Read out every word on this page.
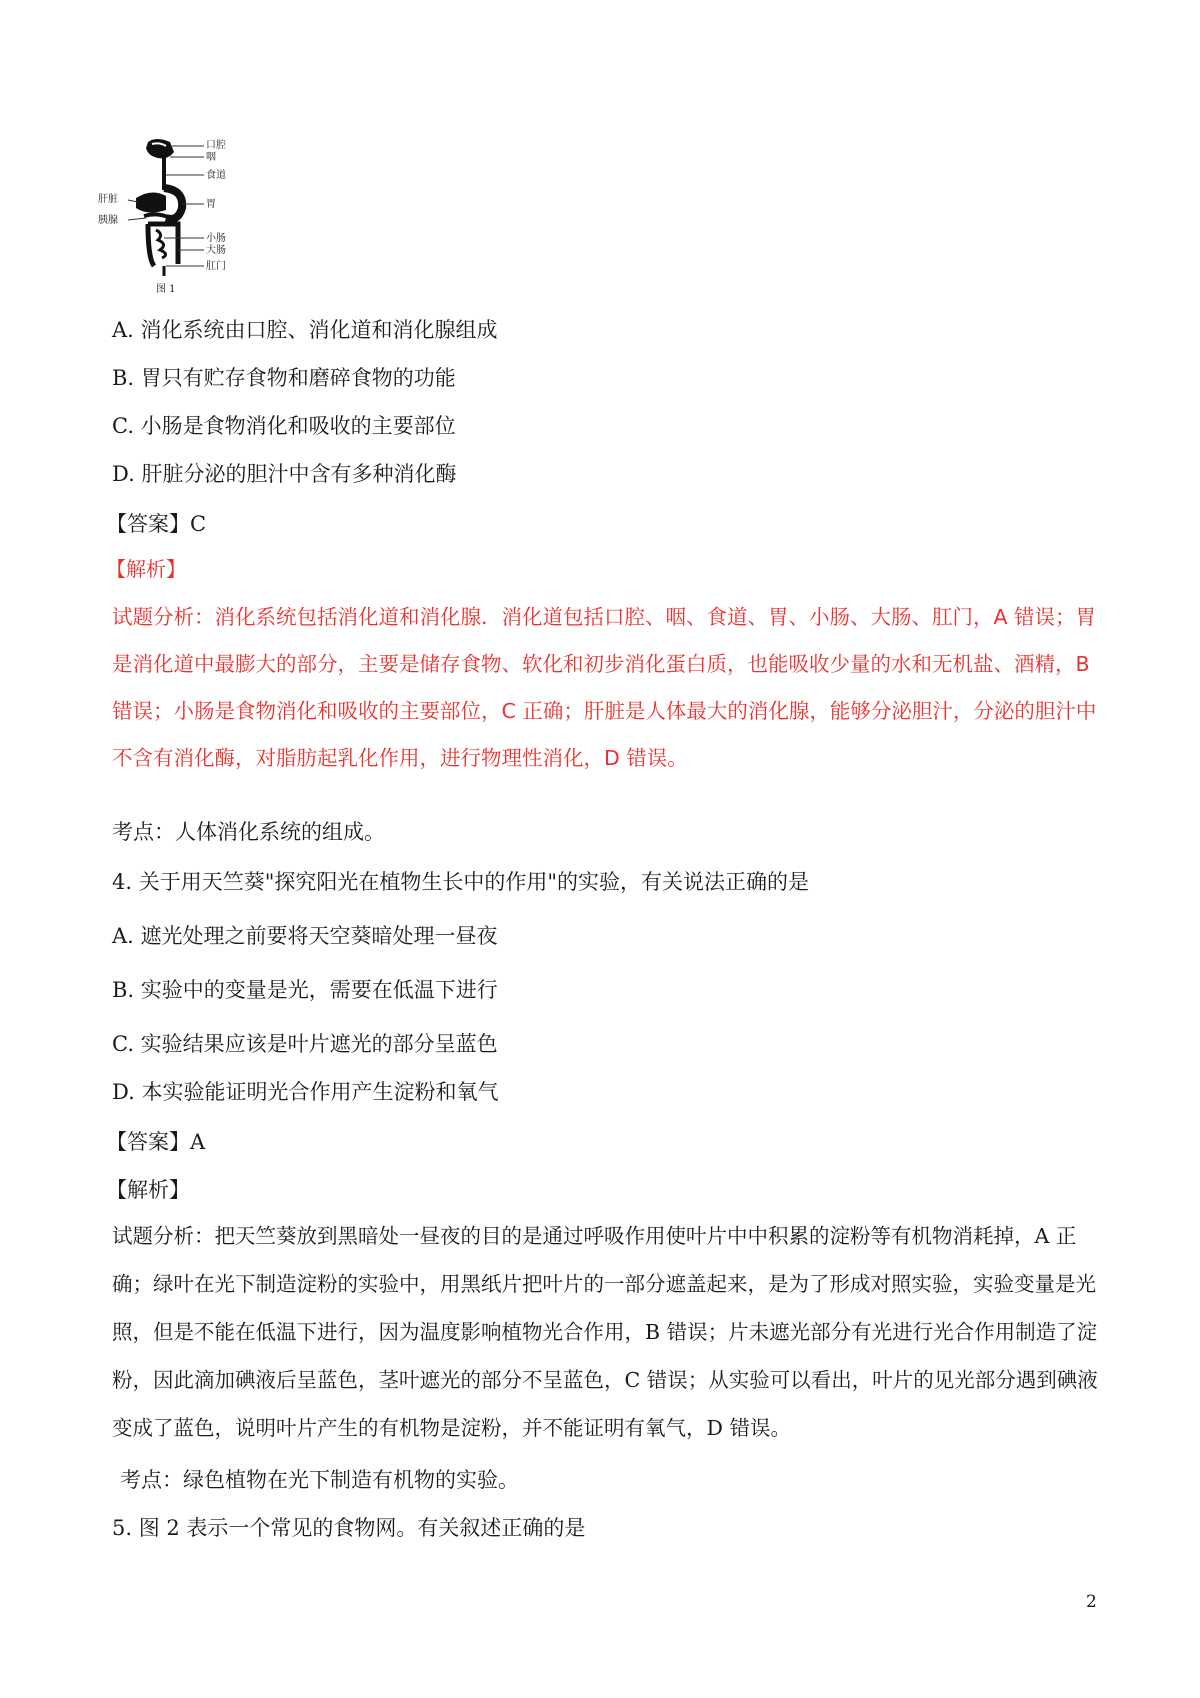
口腔
咽
食道
肝脏	胃
胰腺
小肠
大肠
肛门
图 1
A. 消化系统由口腔、消化道和消化腺组成
B. 胃只有贮存食物和磨碎食物的功能
C. 小肠是食物消化和吸收的主要部位
D. 肝脏分泌的胆汁中含有多种消化酶
【答案】C
【解析】
试题分析：消化系统包括消化道和消化腺．消化道包括口腔、咽、食道、胃、小肠、大肠、肛门，A 错误；胃是消化道中最膨大的部分，主要是储存食物、软化和初步消化蛋白质，也能吸收少量的水和无机盐、酒精，B 错误；小肠是食物消化和吸收的主要部位，C 正确；肝脏是人体最大的消化腺，能够分泌胆汁，分泌的胆汁中不含有消化酶，对脂肪起乳化作用，进行物理性消化，D 错误。
考点：人体消化系统的组成。
4. 关于用天竺葵"探究阳光在植物生长中的作用"的实验，有关说法正确的是
A. 遮光处理之前要将天空葵暗处理一昼夜
B. 实验中的变量是光，需要在低温下进行
C. 实验结果应该是叶片遮光的部分呈蓝色
D. 本实验能证明光合作用产生淀粉和氧气
【答案】A
【解析】
试题分析：把天竺葵放到黑暗处一昼夜的目的是通过呼吸作用使叶片中中积累的淀粉等有机物消耗掉，A 正确；绿叶在光下制造淀粉的实验中，用黑纸片把叶片的一部分遮盖起来，是为了形成对照实验，实验变量是光照，但是不能在低温下进行，因为温度影响植物光合作用，B 错误；片未遮光部分有光进行光合作用制造了淀粉，因此滴加碘液后呈蓝色，茎叶遮光的部分不呈蓝色，C 错误；从实验可以看出，叶片的见光部分遇到碘液变成了蓝色，说明叶片产生的有机物是淀粉，并不能证明有氧气，D 错误。
考点：绿色植物在光下制造有机物的实验。
5. 图 2 表示一个常见的食物网。有关叙述正确的是
2
